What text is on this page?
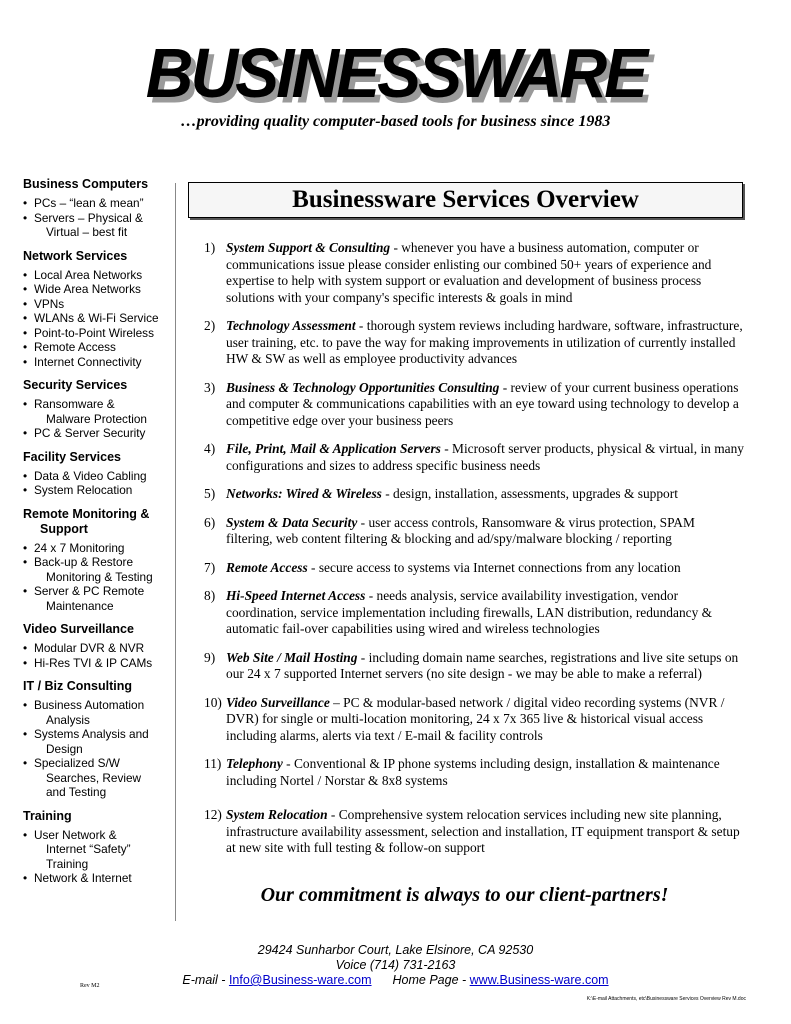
BUSINESSWARE
…providing quality computer-based tools for business since 1983
Business Computers
• PCs – “lean & mean”
• Servers – Physical &
Virtual – best fit
Network Services
• Local Area Networks
• Wide Area Networks
• VPNs
• WLANs & Wi-Fi Service
• Point-to-Point Wireless
• Remote Access
• Internet Connectivity
Security Services
• Ransomware &
Malware Protection
• PC & Server Security
Facility Services
• Data & Video Cabling
• System Relocation
Remote Monitoring &
Support
• 24 x 7 Monitoring
• Back-up & Restore
Monitoring & Testing
• Server & PC Remote
Maintenance
Video Surveillance
• Modular DVR & NVR
• Hi-Res TVI & IP CAMs
IT / Biz Consulting
• Business Automation
Analysis
• Systems Analysis and
Design
• Specialized S/W
Searches, Review
and Testing
Training
• User Network &
Internet “Safety”
Training
• Network & Internet
Businessware Services Overview
1) System Support & Consulting - whenever you have a business automation, computer or communications issue please consider enlisting our combined 50+ years of experience and expertise to help with system support or evaluation and development of business process solutions with your company's specific interests & goals in mind
2) Technology Assessment - thorough system reviews including hardware, software, infrastructure, user training, etc. to pave the way for making improvements in utilization of currently installed HW & SW as well as employee productivity advances
3) Business & Technology Opportunities Consulting - review of your current business operations and computer & communications capabilities with an eye toward using technology to develop a competitive edge over your business peers
4) File, Print, Mail & Application Servers - Microsoft server products, physical & virtual, in many configurations and sizes to address specific business needs
5) Networks: Wired & Wireless - design, installation, assessments, upgrades & support
6) System & Data Security - user access controls, Ransomware & virus protection, SPAM filtering, web content filtering & blocking and ad/spy/malware blocking / reporting
7) Remote Access - secure access to systems via Internet connections from any location
8) Hi-Speed Internet Access - needs analysis, service availability investigation, vendor coordination, service implementation including firewalls, LAN distribution, redundancy & automatic fail-over capabilities using wired and wireless technologies
9) Web Site / Mail Hosting - including domain name searches, registrations and live site setups on our 24 x 7 supported Internet servers (no site design - we may be able to make a referral)
10) Video Surveillance – PC & modular-based network / digital video recording systems (NVR / DVR) for single or multi-location monitoring, 24 x 7x 365 live & historical visual access including alarms, alerts via text / E-mail & facility controls
11) Telephony - Conventional & IP phone systems including design, installation & maintenance including Nortel / Norstar & 8x8 systems
12) System Relocation - Comprehensive system relocation services including new site planning, infrastructure availability assessment, selection and installation, IT equipment transport & setup at new site with full testing & follow-on support
Our commitment is always to our client-partners!
29424 Sunharbor Court, Lake Elsinore, CA 92530
Voice (714) 731-2163
E-mail - Info@Business-ware.com Home Page - www.Business-ware.com
Rev M2
K:\E-mail Attachments, etc\Businessware Services Overview Rev M.doc
